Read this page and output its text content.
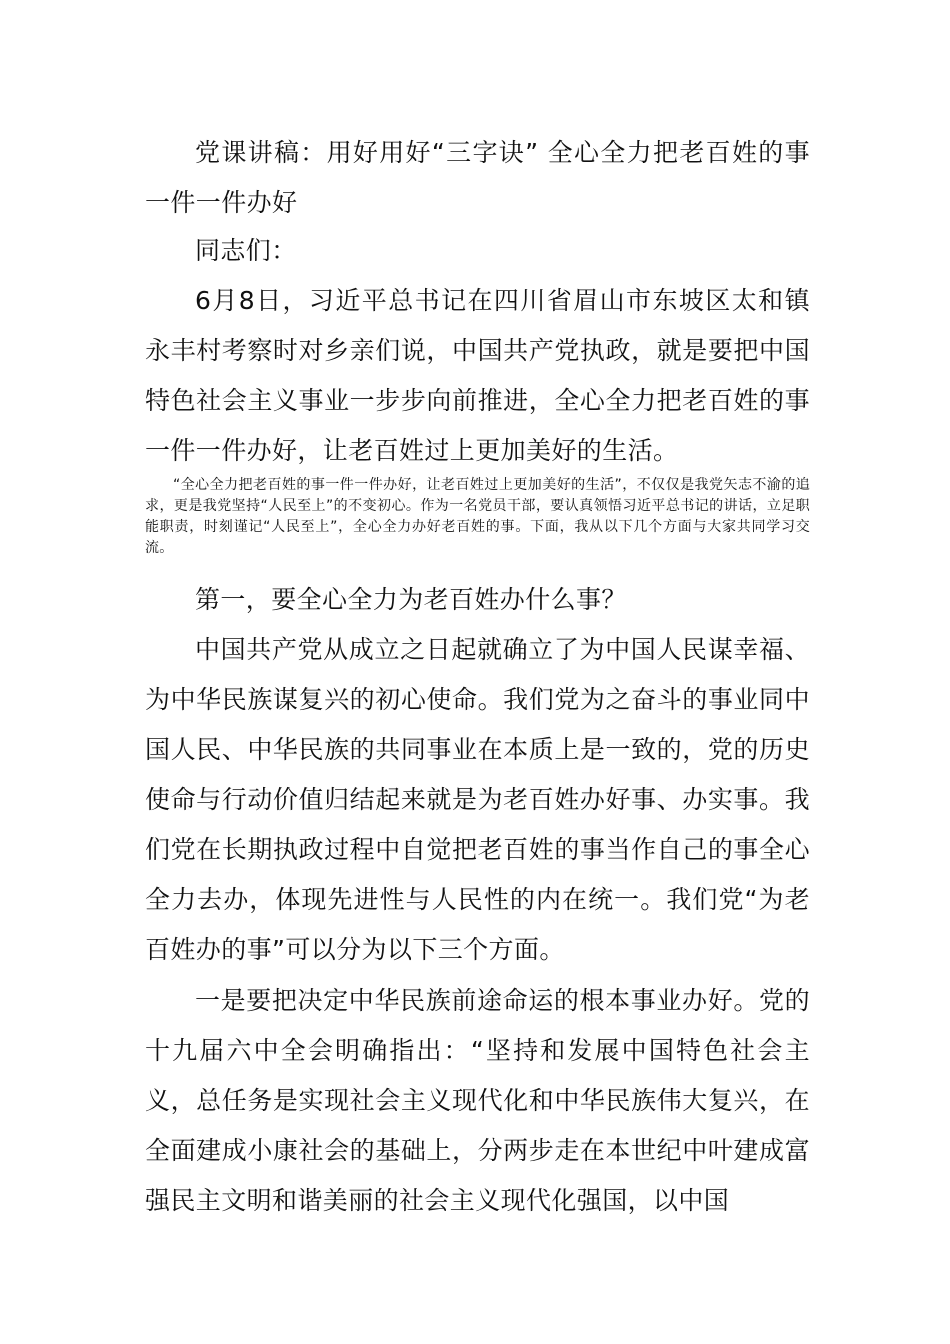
党课讲稿：用好用好“三字诀” 全心全力把老百姓的事一件一件办好

同志们：

6月8日，习近平总书记在四川省眉山市东坡区太和镇永丰村考察时对乡亲们说，中国共产党执政，就是要把中国特色社会主义事业一步步向前推进，全心全力把老百姓的事一件一件办好，让老百姓过上更加美好的生活。

“全心全力把老百姓的事一件一件办好，让老百姓过上更加美好的生活”，不仅仅是我党矢志不渝的追求，更是我党坚持“人民至上”的不变初心。作为一名党员干部，要认真领悟习近平总书记的讲话，立足职能职责，时刻谨记“人民至上”，全心全力办好老百姓的事。下面，我从以下几个方面与大家共同学习交流。

第一，要全心全力为老百姓办什么事？

中国共产党从成立之日起就确立了为中国人民谋幸福、为中华民族谋复兴的初心使命。我们党为之奋斗的事业同中国人民、中华民族的共同事业在本质上是一致的，党的历史使命与行动价值归结起来就是为老百姓办好事、办实事。我们党在长期执政过程中自觉把老百姓的事当作自己的事全心全力去办，体现先进性与人民性的内在统一。我们党“为老百姓办的事”可以分为以下三个方面。

一是要把决定中华民族前途命运的根本事业办好。党的十九届六中全会明确指出：“坚持和发展中国特色社会主义，总任务是实现社会主义现代化和中华民族伟大复兴，在全面建成小康社会的基础上，分两步走在本世纪中叶建成富强民主文明和谐美丽的社会主义现代化强国，以中国
